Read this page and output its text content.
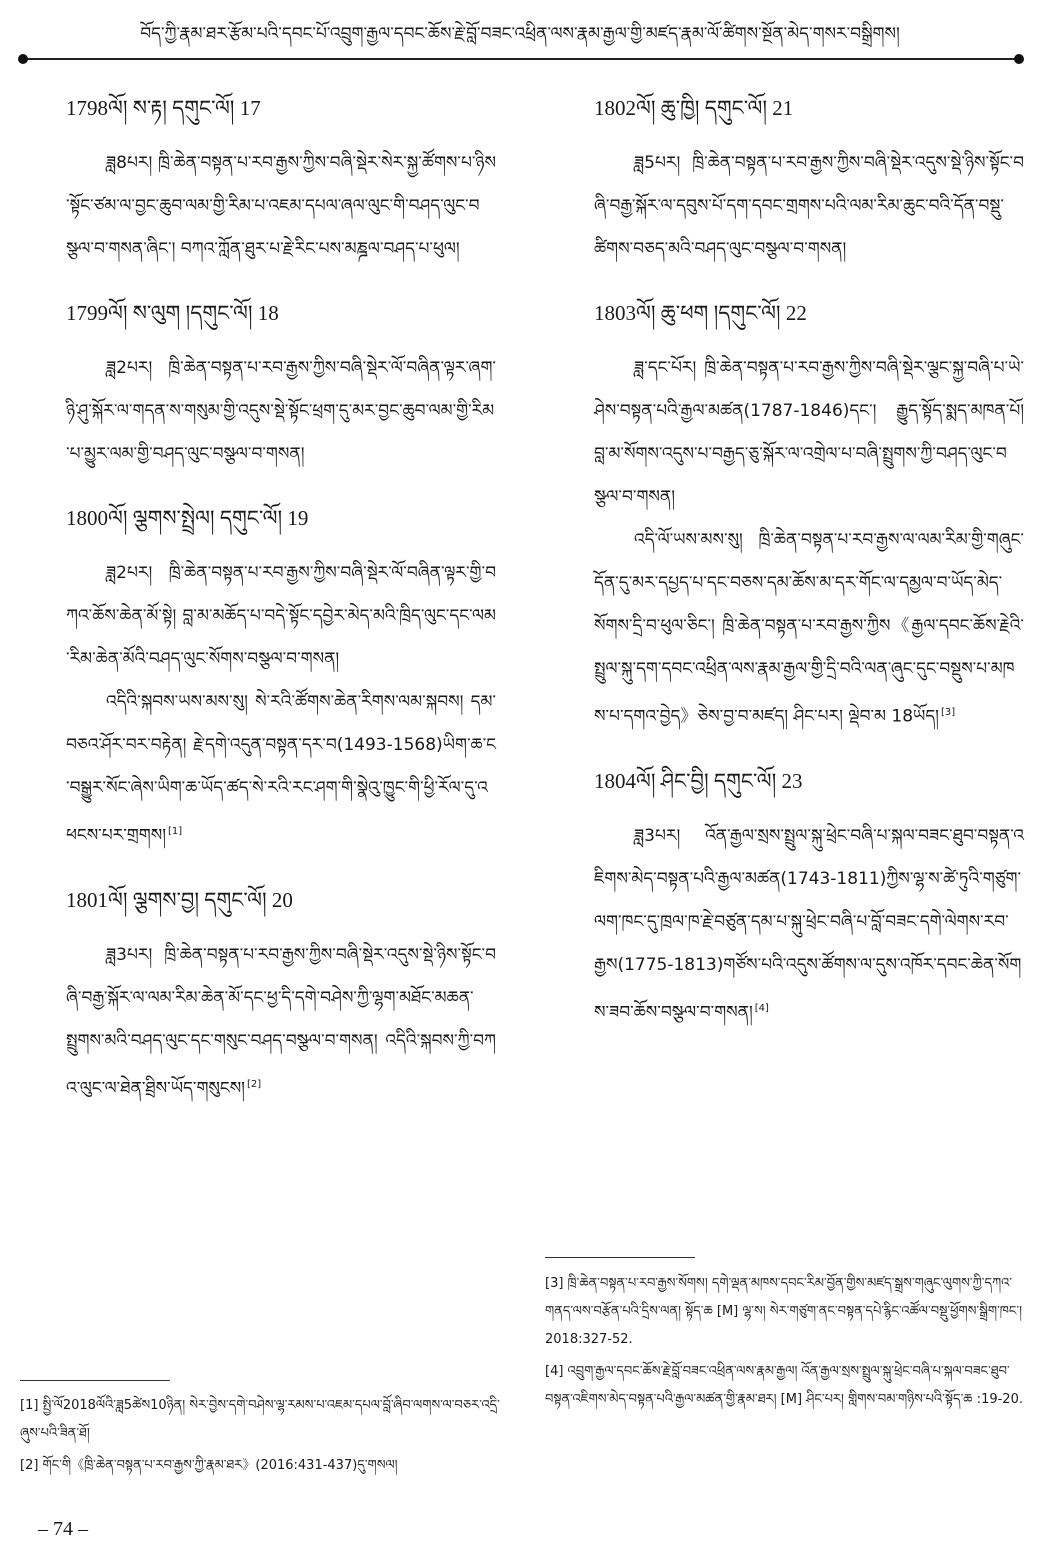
བོད་ཀྱི་རྣམ་ཐར་རྩོམ་པའི་དབང་པོ་འབྲུག་རྒྱལ་དབང་ཆོས་རྗེ་བློ་བཟང་འཕྲིན་ལས་རྣམ་རྒྱལ་གྱི་མཛད་རྣམ་ལོ་ཚིགས་སྔོན་མེད་གསར་བསྒྲིགས།
1798ལོ། ས་རྟ། དགུང་ལོ། 17

ཟླ8པར། ཁྲི་ཆེན་བསྟན་པ་རབ་རྒྱས་ཀྱིས་བཞི་སྡེར་སེར་སྐྱ་ཚོགས་པ་ཉིས་སྟོང་ཙམ་ལ་བྱང་ཆུབ་ལམ་གྱི་རིམ་པ་འཇམ་དཔལ་ཞལ་ལུང་གི་བཤད་ལུང་བསྩལ་བ་གསན་ཞིང་། བཀའ་ཀློན་ཐུར་པ་རྗེ་རིང་པས་མཎྜལ་བཤད་པ་ཕུལ།

1799ལོ། ས་ལུག །དགུང་ལོ། 18

ཟླ2པར། ཁྲི་ཆེན་བསྟན་པ་རབ་རྒྱས་ཀྱིས་བཞི་སྡེར་ལོ་བཞིན་ལྟར་ཞག་ཉི་ཤུ་སྐོར་ལ་གདན་ས་གསུམ་གྱི་འདུས་སྡེ་སྟོང་ཕྲག་དུ་མར་བྱང་ཆུབ་ལམ་གྱི་རིམ་པ་མྱུར་ལམ་གྱི་བཤད་ལུང་བསྩལ་བ་གསན།

1800ལོ། ལྕགས་སྤྲེལ། དགུང་ལོ། 19

ཟླ2པར། ཁྲི་ཆེན་བསྟན་པ་རབ་རྒྱས་ཀྱིས་བཞི་སྡེར་ལོ་བཞིན་ལྟར་གྱི་བཀའ་ཆོས་ཆེན་མོ་སྟེ། བླ་མ་མཆོད་པ་བདེ་སྟོང་དབྱེར་མེད་མའི་ཁྲིད་ལུང་དང་ལམ་རིམ་ཆེན་མོའི་བཤད་ལུང་སོགས་བསྩལ་བ་གསན།

འདིའི་སྐབས་ཡས་མས་སུ། སེ་རའི་ཚོགས་ཆེན་རིགས་ལམ་སྐབས། དམ་བཅའ་ཤོར་བར་བརྟེན། རྗེ་དགེ་འདུན་བསྟན་དར་བ(1493-1568)ཡིག་ཆ་ང་བསྒྱུར་སོང་ཞེས་ཡིག་ཆ་ཡོད་ཚད་སེ་རའི་རང་ཤག་གི་སྣེའུ་ཁྱུང་གི་ཕྱི་རོལ་དུ་འཕངས་པར་གྲགས། [1]

1801ལོ། ལྕགས་བྱ། དགུང་ལོ། 20

ཟླ3པར། ཁྲི་ཆེན་བསྟན་པ་རབ་རྒྱས་ཀྱིས་བཞི་སྡེར་འདུས་སྡེ་ཉིས་སྟོང་བཞི་བརྒྱ་སྐོར་ལ་ལམ་རིམ་ཆེན་མོ་དང་ཕྱ་དི་དགེ་བཤེས་ཀྱི་ལྷག་མཐོང་མཆན་སྤྲུགས་མའི་བཤད་ལུང་དང་གསུང་བཤད་བསྩལ་བ་གསན། འདིའི་སྐབས་ཀྱི་བཀའ་ལུང་ལ་ཐེན་ཐྲིས་ཡོད་གསུངས། [2]

[1] སྤྱི་ལོ2018ལོའི་ཟླ5ཚེས10ཉིན། སེར་བྱེས་དགེ་བཤེས་ལྷ་རམས་པ་འཇམ་དཔལ་བློ་ཞིབ་ལགས་ལ་བཅར་འདྲི་ཞུས་པའི་ཟིན་ཐོ།

[2] གོང་གི《ཁྲི་ཆེན་བསྟན་པ་རབ་རྒྱས་ཀྱི་རྣམ་ཐར》(2016:431-437)དུ་གསལ།

1802ལོ། ཆུ་ཁྱི། དགུང་ལོ། 21

ཟླ5པར། ཁྲི་ཆེན་བསྟན་པ་རབ་རྒྱས་ཀྱིས་བཞི་སྡེར་འདུས་སྡེ་ཉིས་སྟོང་བཞི་བརྒྱ་སྐོར་ལ་དབུས་པོ་དག་དབང་གྲགས་པའི་ལམ་རིམ་ཆུང་བའི་དོན་བསྡུ་ཚིགས་བཅད་མའི་བཤད་ལུང་བསྩལ་བ་གསན།

1803ལོ། ཆུ་ཕག །དགུང་ལོ། 22

ཟླ་དང་པོར། ཁྲི་ཆེན་བསྟན་པ་རབ་རྒྱས་ཀྱིས་བཞི་སྡེར་ལྕང་སྐྱ་བཞི་པ་ཡེ་ཤེས་བསྟན་པའི་རྒྱལ་མཚན(1787-1846)དང་། རྒྱུད་སྟོད་སྨད་མཁན་པོ། བླ་མ་སོགས་འདུས་པ་བརྒྱད་ཅུ་སྐོར་ལ་འགྲེལ་པ་བཞི་སྤྲུགས་ཀྱི་བཤད་ལུང་བསྩལ་བ་གསན།

འདི་ལོ་ཡས་མས་སུ། ཁྲི་ཆེན་བསྟན་པ་རབ་རྒྱས་ལ་ལམ་རིམ་གྱི་གཞུང་དོན་དུ་མར་དཔྱད་པ་དང་བཅས་དམ་ཆོས་མ་དར་གོང་ལ་དམྱལ་བ་ཡོད་མེད་སོགས་དྲི་བ་ཕུལ་ཅིང་། ཁྲི་ཆེན་བསྟན་པ་རབ་རྒྱས་ཀྱིས《རྒྱལ་དབང་ཆོས་རྗེའི་སྤྲུལ་སྐུ་དག་དབང་འཕྲིན་ལས་རྣམ་རྒྱལ་གྱི་དྲི་བའི་ལན་ཞུང་དུང་བསྡུས་པ་མཁས་པ་དགའ་བྱེད》ཅེས་བྱ་བ་མཛད། ཤིང་པར། ལྡེབ་མ 18ཡོད། [3]

1804ལོ། ཤིང་བྱི། དགུང་ལོ། 23

ཟླ3པར། འོན་རྒྱལ་སྲས་སྤྲུལ་སྐུ་ཕྲེང་བཞི་པ་སྐལ་བཟང་ཐུབ་བསྟན་འཇིགས་མེད་བསྟན་པའི་རྒྱལ་མཚན(1743-1811)ཀྱིས་ལྷ་ས་ཚེ་ཏུའི་གཙུག་ལག་ཁང་དུ་ཁྲལ་ཁ་རྗེ་བཙུན་དམ་པ་སྐུ་ཕྲེང་བཞི་པ་བློ་བཟང་དགེ་ལེགས་རབ་རྒྱས(1775-1813)གཙོས་པའི་འདུས་ཚོགས་ལ་དུས་འཁོར་དབང་ཆེན་སོགས་ཟབ་ཆོས་བསྩལ་བ་གསན། [4]

[3] ཁྲི་ཆེན་བསྟན་པ་རབ་རྒྱས་སོགས། དགེ་ལྡན་མཁས་དབང་རིམ་བྱོན་གྱིས་མཛད་སྒྲས་གཞུང་ལུགས་ཀྱི་དཀའ་གནད་ལས་བརྩོན་པའི་དྲིས་ལན། སྟོད་ཆ [M] ལྷ་ས། སེར་གཙུག་ནང་བསྟན་དཔེ་རྙིང་འཚོལ་བསྡུ་ཕྱོགས་སྒྲིག་ཁང་། 2018:327-52.

[4] འབྲུག་རྒྱལ་དབང་ཆོས་རྗེ་བློ་བཟང་འཕྲིན་ལས་རྣམ་རྒྱལ། འོན་རྒྱལ་སྲས་སྤྲུལ་སྐུ་ཕྲེང་བཞི་པ་སྐལ་བཟང་ཐུབ་བསྟན་འཇིགས་མེད་བསྟན་པའི་རྒྱལ་མཚན་གྱི་རྣམ་ཐར། [M] ཤིང་པར། གླིགས་བམ་གཉིས་པའི་སྟོད་ཆ :19-20.

– 74 –
